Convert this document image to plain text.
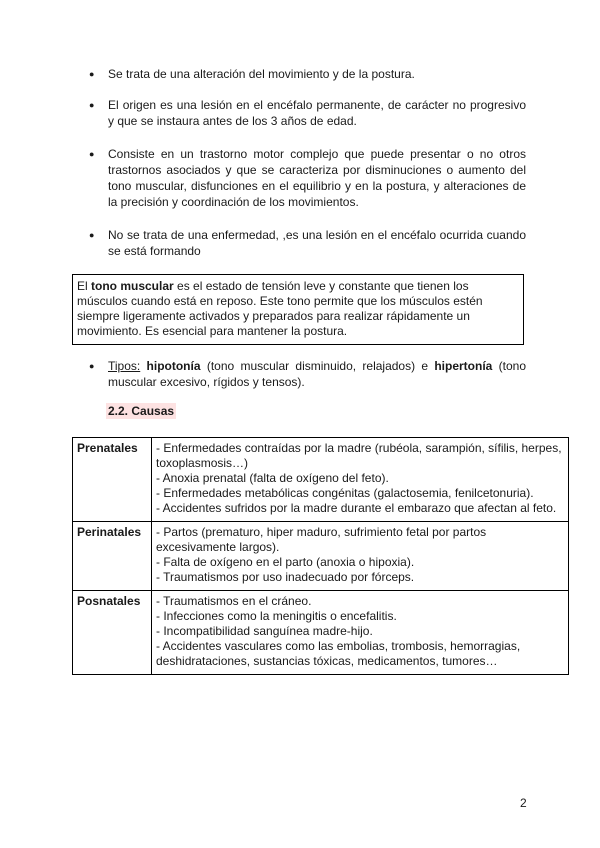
● Se trata de una alteración del movimiento y de la postura.
● El origen es una lesión en el encéfalo permanente, de carácter no progresivo y que se instaura antes de los 3 años de edad.
● Consiste en un trastorno motor complejo que puede presentar o no otros trastornos asociados y que se caracteriza por disminuciones o aumento del tono muscular, disfunciones en el equilibrio y en la postura, y alteraciones de la precisión y coordinación de los movimientos.
● No se trata de una enfermedad, ,es una lesión en el encéfalo ocurrida cuando se está formando
El tono muscular es el estado de tensión leve y constante que tienen los músculos cuando está en reposo. Este tono permite que los músculos estén siempre ligeramente activados y preparados para realizar rápidamente un movimiento. Es esencial para mantener la postura.
● Tipos: hipotonía (tono muscular disminuido, relajados) e hipertonía (tono muscular excesivo, rígidos y tensos).
2.2. Causas
Prenatales	- Enfermedades contraídas por la madre (rubéola, sarampión, sífilis, herpes, toxoplasmosis…)
- Anoxia prenatal (falta de oxígeno del feto).
- Enfermedades metabólicas congénitas (galactosemia, fenilcetonuria).
- Accidentes sufridos por la madre durante el embarazo que afectan al feto.

Perinatales	- Partos (prematuro, hiper maduro, sufrimiento fetal por partos excesivamente largos).
- Falta de oxígeno en el parto (anoxia o hipoxia).
- Traumatismos por uso inadecuado por fórceps.

Posnatales	- Traumatismos en el cráneo.
- Infecciones como la meningitis o encefalitis.
- Incompatibilidad sanguínea madre-hijo.
- Accidentes vasculares como las embolias, trombosis, hemorragias, deshidrataciones, sustancias tóxicas, medicamentos, tumores…
2
